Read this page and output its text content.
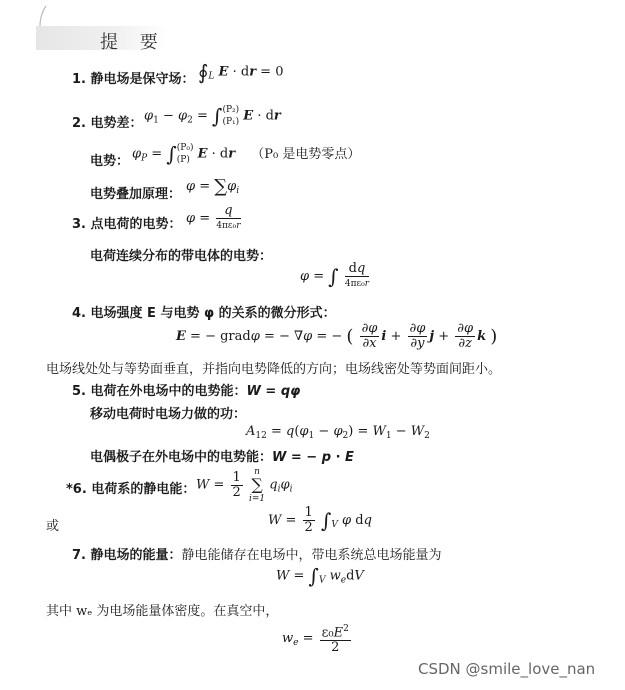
提 要
1. 静电场是保守场： $∮_L$ E · dr = 0
2. 电势差： $\varphi_1 - \varphi_2 = \int(P_2)$
(P₁) E · dr
电势： $\varphi_P = \int(P_0)$
(P) E · dr （P₀ 是电势零点）
电势叠加原理：
$\varphi = \sum\varphi_i$
3. 点电荷的电势： $\varphi = \frac{q}{\text{4πε₀r}}$
电荷连续分布的带电体的电势：
φ = ∫ $\frac{dq}{\text{4πε₀r}}$
4. 电场强度 E 与电势 φ 的关系的微分形式：
E = − gradφ = − ∇φ = − ( $\frac{\partial\varphi}{\partial x}$ $i + \frac{\partial\varphi}{\partial y}$ $j + \frac{\partial\varphi}{\partial z}$ k )
电场线处处与等势面垂直，并指向电势降低的方向；电场线密处等势面间距小。
5. 电荷在外电场中的电势能：W = qφ
移动电荷时电场力做的功：
$A_{12} = q(\varphi_1 - \varphi_2) = W_1 - W_2$
电偶极子在外电场中的电势能：W = − p · E
*6. 电荷系的静电能： $W = \frac{1}{2}$ n
∑
i=1 $q_i\varphi_i$
或	$W = \frac{1}{2} \int_V$ φ dq
7. 静电场的能量：静电能储存在电场中，带电系统总电场能量为
$W = \int_V$ $w_edV$
其中 wₑ 为电场能量体密度。在真空中，
$w_e = \frac{\varepsilon_0E^2}{2}$
CSDN @smile_love_nan
